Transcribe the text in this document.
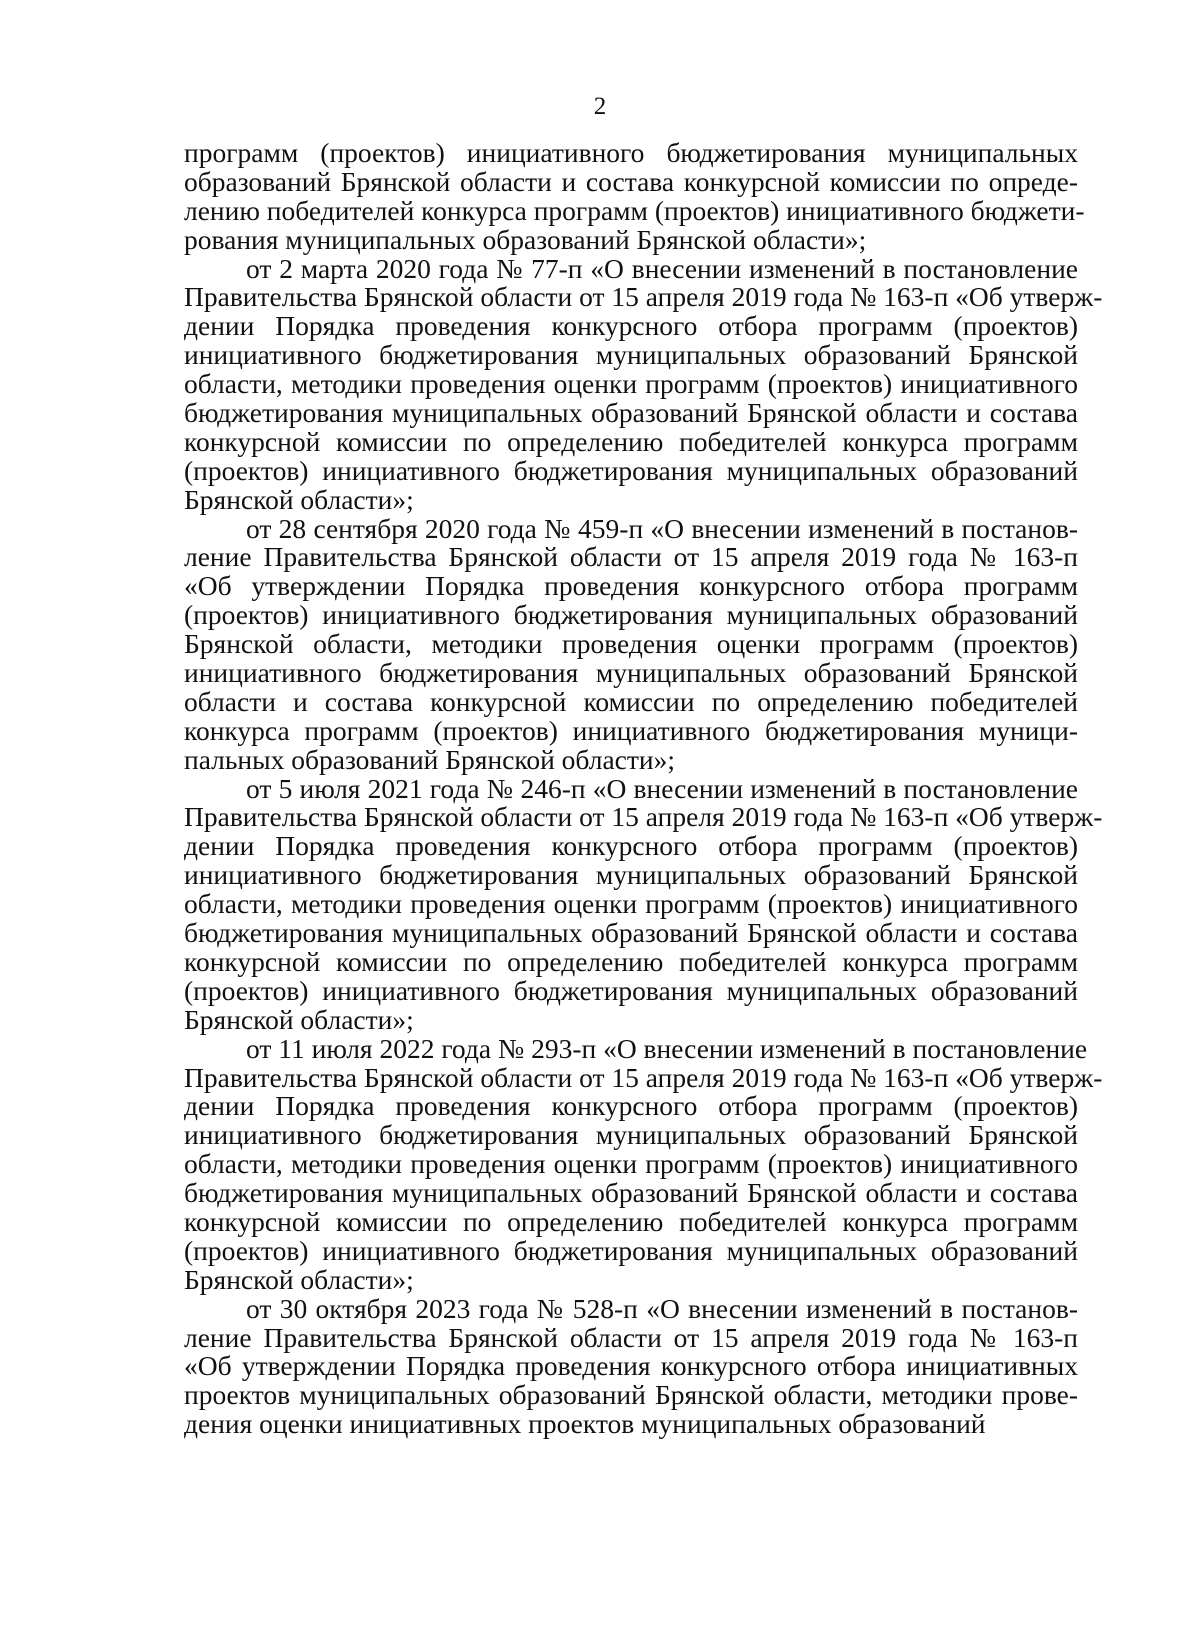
2
программ (проектов) инициативного бюджетирования муниципальных
образований Брянской области и состава конкурсной комиссии по опреде-
лению победителей конкурса программ (проектов) инициативного бюджети-
рования муниципальных образований Брянской области»;
от 2 марта 2020 года № 77-п «О внесении изменений в постановление
Правительства Брянской области от 15 апреля 2019 года № 163-п «Об утверж-
дении Порядка проведения конкурсного отбора программ (проектов)
инициативного бюджетирования муниципальных образований Брянской
области, методики проведения оценки программ (проектов) инициативного
бюджетирования муниципальных образований Брянской области и состава
конкурсной комиссии по определению победителей конкурса программ
(проектов) инициативного бюджетирования муниципальных образований
Брянской области»;
от 28 сентября 2020 года № 459-п «О внесении изменений в постанов-
ление Правительства Брянской области от 15 апреля 2019 года № 163-п
«Об утверждении Порядка проведения конкурсного отбора программ
(проектов) инициативного бюджетирования муниципальных образований
Брянской области, методики проведения оценки программ (проектов)
инициативного бюджетирования муниципальных образований Брянской
области и состава конкурсной комиссии по определению победителей
конкурса программ (проектов) инициативного бюджетирования муници-
пальных образований Брянской области»;
от 5 июля 2021 года № 246-п «О внесении изменений в постановление
Правительства Брянской области от 15 апреля 2019 года № 163-п «Об утверж-
дении Порядка проведения конкурсного отбора программ (проектов)
инициативного бюджетирования муниципальных образований Брянской
области, методики проведения оценки программ (проектов) инициативного
бюджетирования муниципальных образований Брянской области и состава
конкурсной комиссии по определению победителей конкурса программ
(проектов) инициативного бюджетирования муниципальных образований
Брянской области»;
от 11 июля 2022 года № 293-п «О внесении изменений в постановление
Правительства Брянской области от 15 апреля 2019 года № 163-п «Об утверж-
дении Порядка проведения конкурсного отбора программ (проектов)
инициативного бюджетирования муниципальных образований Брянской
области, методики проведения оценки программ (проектов) инициативного
бюджетирования муниципальных образований Брянской области и состава
конкурсной комиссии по определению победителей конкурса программ
(проектов) инициативного бюджетирования муниципальных образований
Брянской области»;
от 30 октября 2023 года № 528-п «О внесении изменений в постанов-
ление Правительства Брянской области от 15 апреля 2019 года № 163-п
«Об утверждении Порядка проведения конкурсного отбора инициативных
проектов муниципальных образований Брянской области, методики прове-
дения оценки инициативных проектов муниципальных образований
